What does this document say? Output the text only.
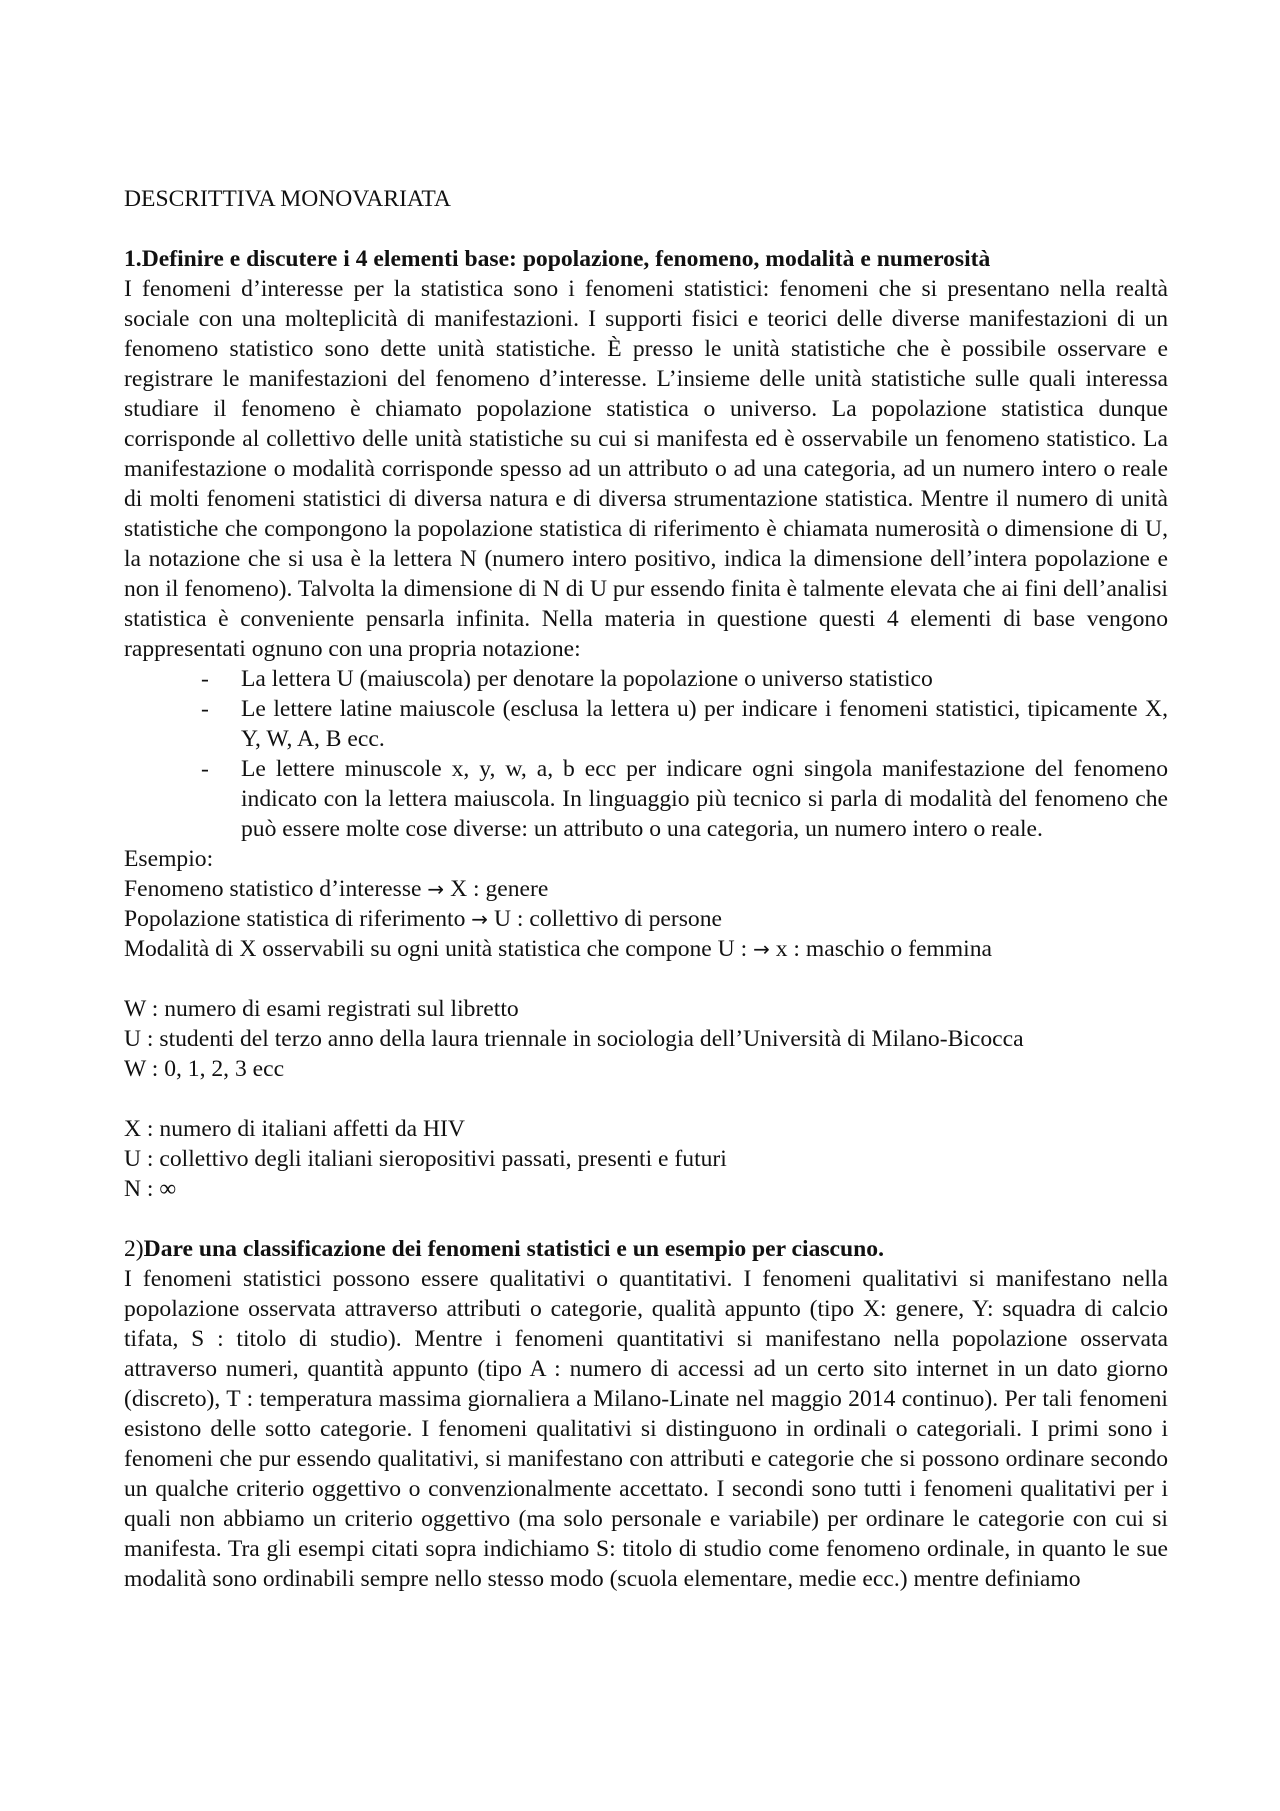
DESCRITTIVA MONOVARIATA
1.Definire e discutere i 4 elementi base: popolazione, fenomeno, modalità e numerosità

I fenomeni d’interesse per la statistica sono i fenomeni statistici: fenomeni che si presentano nella realtà sociale con una molteplicità di manifestazioni. I supporti fisici e teorici delle diverse manifestazioni di un fenomeno statistico sono dette unità statistiche. È presso le unità statistiche che è possibile osservare e registrare le manifestazioni del fenomeno d’interesse. L’insieme delle unità statistiche sulle quali interessa studiare il fenomeno è chiamato popolazione statistica o universo. La popolazione statistica dunque corrisponde al collettivo delle unità statistiche su cui si manifesta ed è osservabile un fenomeno statistico. La manifestazione o modalità corrisponde spesso ad un attributo o ad una categoria, ad un numero intero o reale di molti fenomeni statistici di diversa natura e di diversa strumentazione statistica. Mentre il numero di unità statistiche che compongono la popolazione statistica di riferimento è chiamata numerosità o dimensione di U, la notazione che si usa è la lettera N (numero intero positivo, indica la dimensione dell’intera popolazione e non il fenomeno). Talvolta la dimensione di N di U pur essendo finita è talmente elevata che ai fini dell’analisi statistica è conveniente pensarla infinita. Nella materia in questione questi 4 elementi di base vengono rappresentati ognuno con una propria notazione:

- La lettera U (maiuscola) per denotare la popolazione o universo statistico
- Le lettere latine maiuscole (esclusa la lettera u) per indicare i fenomeni statistici, tipicamente X, Y, W, A, B ecc.
- Le lettere minuscole x, y, w, a, b ecc per indicare ogni singola manifestazione del fenomeno indicato con la lettera maiuscola. In linguaggio più tecnico si parla di modalità del fenomeno che può essere molte cose diverse: un attributo o una categoria, un numero intero o reale.
Esempio:
Fenomeno statistico d’interesse → X : genere
Popolazione statistica di riferimento → U : collettivo di persone
Modalità di X osservabili su ogni unità statistica che compone U : → x : maschio o femmina
W : numero di esami registrati sul libretto
U : studenti del terzo anno della laura triennale in sociologia dell’Università di Milano-Bicocca
W : 0, 1, 2, 3 ecc
X : numero di italiani affetti da HIV
U : collettivo degli italiani sieropositivi passati, presenti e futuri
N : ∞
2)Dare una classificazione dei fenomeni statistici e un esempio per ciascuno.

I fenomeni statistici possono essere qualitativi o quantitativi. I fenomeni qualitativi si manifestano nella popolazione osservata attraverso attributi o categorie, qualità appunto (tipo X: genere, Y: squadra di calcio tifata, S : titolo di studio). Mentre i fenomeni quantitativi si manifestano nella popolazione osservata attraverso numeri, quantità appunto (tipo A : numero di accessi ad un certo sito internet in un dato giorno (discreto), T : temperatura massima giornaliera a Milano-Linate nel maggio 2014 continuo). Per tali fenomeni esistono delle sotto categorie. I fenomeni qualitativi si distinguono in ordinali o categoriali. I primi sono i fenomeni che pur essendo qualitativi, si manifestano con attributi e categorie che si possono ordinare secondo un qualche criterio oggettivo o convenzionalmente accettato. I secondi sono tutti i fenomeni qualitativi per i quali non abbiamo un criterio oggettivo (ma solo personale e variabile) per ordinare le categorie con cui si manifesta. Tra gli esempi citati sopra indichiamo S: titolo di studio come fenomeno ordinale, in quanto le sue modalità sono ordinabili sempre nello stesso modo (scuola elementare, medie ecc.) mentre definiamo
